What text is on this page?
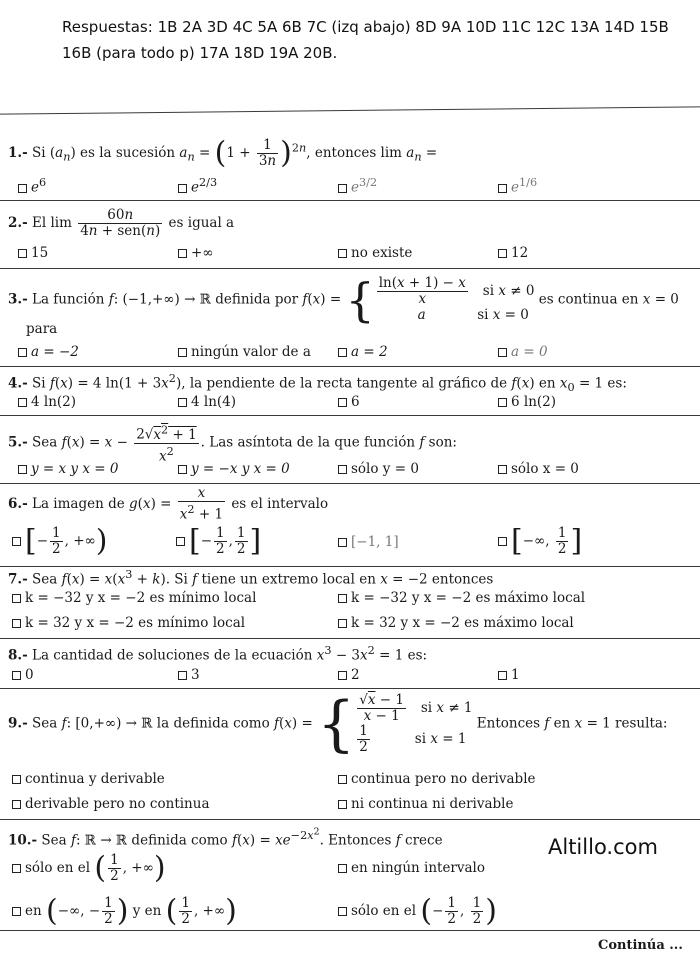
Respuestas: 1B 2A 3D 4C 5A 6B 7C (izq abajo) 8D 9A 10D 11C 12C 13A 14D 15B 16B (para todo p) 17A 18D 19A 20B.
1.- Si $(a_n)$ es la sucesión $a_n = (1 + \frac{1}{3n} )^{2n}$, entonces $\lim a_n$ =
$e^6$	$e^{2/3}$	$e^{3/2}$	$e^{1/6}$
2.- El $\lim \frac{60n}{\text{4n + sen(n)}}$ es igual a
15	+∞	no existe	12
3.- La función f: (−1,+∞) → ℝ definida por f(x) = { $\frac{\ln(x + 1) - x}{x}$ si x ≠ 0
a            si x = 0 es continua en x = 0
para
a = −2	ningún valor de a	a = 2	a = 0
4.- Si f(x) = 4 $\ln(1 + 3x^2)$, la pendiente de la recta tangente al gráfico de f(x) en $x_0 = 1$ es:
4 ln(2)	4 ln(4)	6	6 ln(2)
5.- Sea $f(x) = x - \frac{2√x^2 + 1}{x^2}$ . Las asíntota de la que función f son:
y = x y x = 0	y = −x y x = 0	sólo y = 0	sólo x = 0
6.- La imagen de $g(x) = \frac{x}{x^2 + 1}$ es el intervalo
[− $\frac{1}{2}$ , +∞)	[− $\frac{1}{2}$ , $\frac{1}{2}$ ]	[−1, 1]	[−∞, $\frac{1}{2}$ ]
7.- Sea $f(x) = x(x^3 + k)$. Si f tiene un extremo local en x = −2 entonces
k = −32 y x = −2 es mínimo local	k = −32 y x = −2 es máximo local
k = 32 y x = −2 es mínimo local	k = 32 y x = −2 es máximo local
8.- La cantidad de soluciones de la ecuación $x^3 - 3x^2 = 1$ es:
0	3	2	1
9.- Sea f: [0,+∞) → ℝ la definida como f(x) = { $\frac{√x - 1}{x - 1}$ si x ≠ 1

$\frac{1}{2}$ si x = 1 Entonces f en x = 1 resulta:
continua y derivable	continua pero no derivable
derivable pero no continua	ni continua ni derivable
10.- Sea f: ℝ → ℝ definida como $f(x) = xe^{-2x^2}$. Entonces f crece
sólo en el ( $\frac{1}{2}$ , +∞)	en ningún intervalo
en (−∞, − $\frac{1}{2}$ ) y en ( $\frac{1}{2}$ , +∞)	sólo en el (− $\frac{1}{2}$ , $\frac{1}{2}$ )
Altillo.com
Continúa ...
